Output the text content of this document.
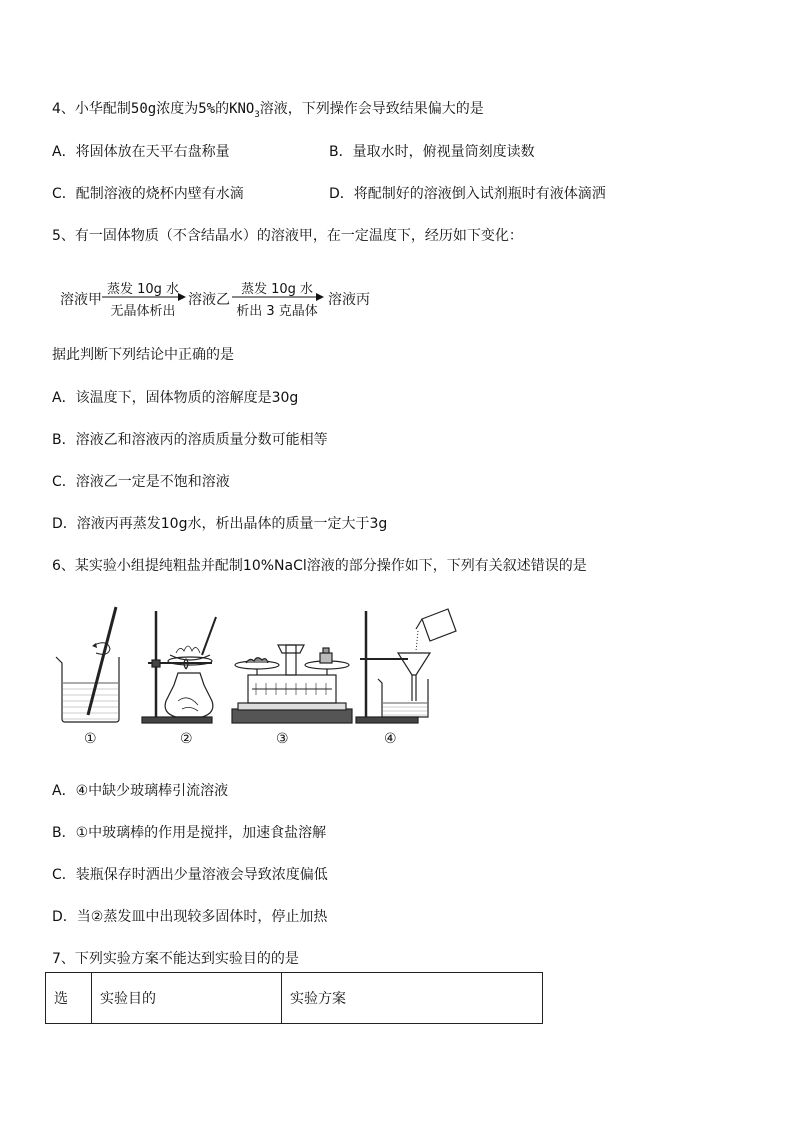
4、小华配制50g浓度为5%的$KNO_3$溶液，下列操作会导致结果偏大的是
A．将固体放在天平右盘称量	B．量取水时，俯视量筒刻度读数
C．配制溶液的烧杯内壁有水滴	D．将配制好的溶液倒入试剂瓶时有液体滴洒
5、有一固体物质（不含结晶水）的溶液甲，在一定温度下，经历如下变化：
溶液甲
蒸发 10g 水
无晶体析出
溶液乙
蒸发 10g 水
析出 3 克晶体
溶液丙
据此判断下列结论中正确的是
A．该温度下，固体物质的溶解度是30g
B．溶液乙和溶液丙的溶质质量分数可能相等
C．溶液乙一定是不饱和溶液
D．溶液丙再蒸发10g水，析出晶体的质量一定大于3g
6、某实验小组提纯粗盐并配制10%NaCl溶液的部分操作如下，下列有关叙述错误的是
①	②	③	④
A．④中缺少玻璃棒引流溶液
B．①中玻璃棒的作用是搅拌，加速食盐溶解
C．装瓶保存时洒出少量溶液会导致浓度偏低
D．当②蒸发皿中出现较多固体时，停止加热
7、下列实验方案不能达到实验目的的是
选	实验目的	实验方案
